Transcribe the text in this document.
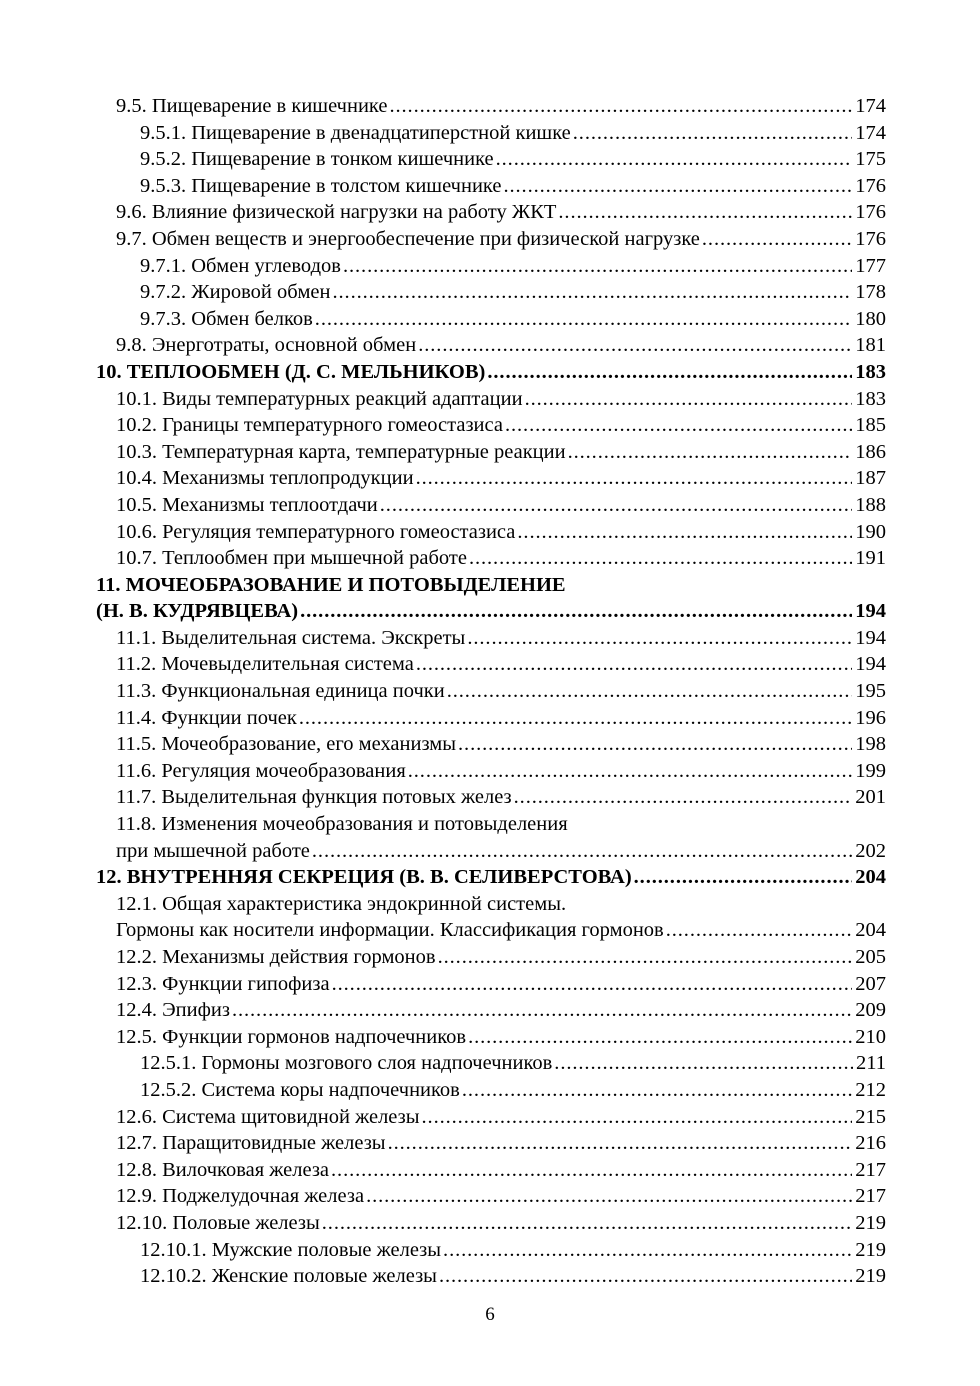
9.5. Пищеварение в кишечнике .....	174
9.5.1. Пищеварение в двенадцатиперстной кишке .....	174
9.5.2. Пищеварение в тонком кишечнике .....	175
9.5.3. Пищеварение в толстом кишечнике .....	176
9.6. Влияние физической нагрузки на работу ЖКТ .....	176
9.7. Обмен веществ и энергообеспечение при физической нагрузке .....	176
9.7.1. Обмен углеводов .....	177
9.7.2. Жировой обмен .....	178
9.7.3. Обмен белков .....	180
9.8. Энерготраты, основной обмен .....	181
10. ТЕПЛООБМЕН (Д. С. МЕЛЬНИКОВ) .....	183
10.1. Виды температурных реакций адаптации .....	183
10.2. Границы температурного гомеостазиса .....	185
10.3. Температурная карта, температурные реакции .....	186
10.4. Механизмы теплопродукции .....	187
10.5. Механизмы теплоотдачи .....	188
10.6. Регуляция температурного гомеостазиса .....	190
10.7. Теплообмен при мышечной работе .....	191
11. МОЧЕОБРАЗОВАНИЕ И ПОТОВЫДЕЛЕНИЕ
(Н. В. КУДРЯВЦЕВА) .....	194
11.1. Выделительная система. Экскреты .....	194
11.2. Мочевыделительная система .....	194
11.3. Функциональная единица почки .....	195
11.4. Функции почек .....	196
11.5. Мочеобразование, его механизмы .....	198
11.6. Регуляция мочеобразования .....	199
11.7. Выделительная функция потовых желез .....	201
11.8. Изменения мочеобразования и потовыделения
при мышечной работе .....	202
12. ВНУТРЕННЯЯ СЕКРЕЦИЯ (В. В. СЕЛИВЕРСТОВА) .....	204
12.1. Общая характеристика эндокринной системы.
Гормоны как носители информации. Классификация гормонов .....	204
12.2. Механизмы действия гормонов .....	205
12.3. Функции гипофиза .....	207
12.4. Эпифиз .....	209
12.5. Функции гормонов надпочечников .....	210
12.5.1. Гормоны мозгового слоя надпочечников .....	211
12.5.2. Система коры надпочечников .....	212
12.6. Система щитовидной железы .....	215
12.7. Паращитовидные железы .....	216
12.8. Вилочковая железа .....	217
12.9. Поджелудочная железа .....	217
12.10. Половые железы .....	219
12.10.1. Мужские половые железы .....	219
12.10.2. Женские половые железы .....	219
6
